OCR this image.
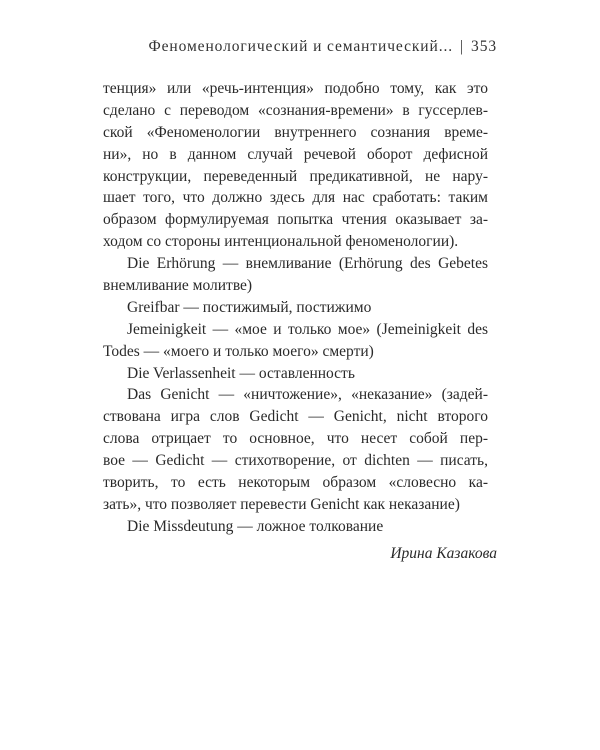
Феноменологический и семантический... | 353
тенция» или «речь-интенция» подобно тому, как это
сделано с переводом «сознания-времени» в гуссерлев-
ской «Феноменологии внутреннего сознания време-
ни», но в данном случай речевой оборот дефисной
конструкции, переведенный предикативной, не нару-
шает того, что должно здесь для нас сработать: таким
образом формулируемая попытка чтения оказывает за-
ходом со стороны интенциональной феноменологии).
Die Erhörung — внемливание (Erhörung des Gebetes
внемливание молитве)
Greifbar — постижимый, постижимо
Jemeinigkeit — «мое и только мое» (Jemeinigkeit des
Todes — «моего и только моего» смерти)
Die Verlassenheit — оставленность
Das Genicht — «ничтожение», «неказание» (задей-
ствована игра слов Gedicht — Genicht, nicht второго
слова отрицает то основное, что несет собой пер-
вое — Gedicht — стихотворение, от dichten — писать,
творить, то есть некоторым образом «словесно ка-
зать», что позволяет перевести Genicht как неказание)
Die Missdeutung — ложное толкование
Ирина Казакова
